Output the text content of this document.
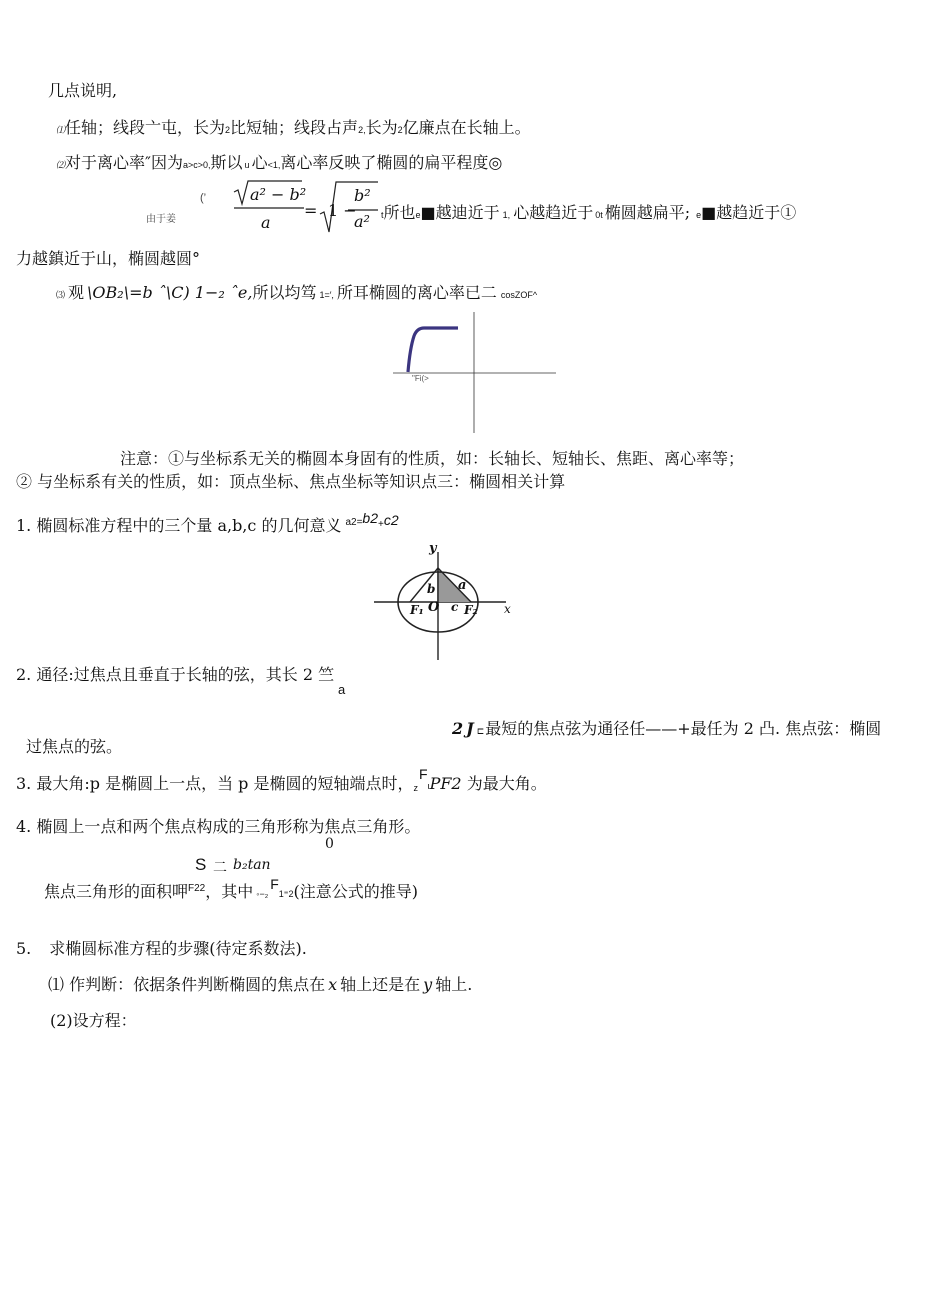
几点说明,
⑴任轴；线段亠屯，长为2比短轴；线段占声2,长为2亿廉点在长轴上。
⑵对于离心率″因为a>c>0,斯以 u 心<1,离心率反映了椭圆的扁平程度◎
由于姜
(’	a² − b²
a
= 1 −
b²
a² t所也e■越迪近于 1, 心越趋近于 0t 椭圆越扁平; e■越趋近于①
力越鎮近于山，椭圆越圆°
⑶ 观 \OB₂\=b ˆ\C) 1−₂ ˆe,所以均笃 1=′, 所耳椭圆的离心率已二 cosZOF^
"Fi(>
注意：①与坐标系无关的椭圆本身固有的性质，如：长轴长、短轴长、焦距、离心率等；
② 与坐标系有关的性质，如：顶点坐标、焦点坐标等知识点三：椭圆相关计算
1. 椭圆标准方程中的三个量 a,b,c 的几何意义 $^{a2=}$b2+c2
y
x
b a
O c
F₁	F₂
2. 通径:过焦点且垂直于长轴的弦，其长 2 竺
a
2 J ⊏最短的焦点弦为通径任——+最任为 2 凸. 焦点弦：椭圆
过焦点的弦。
3. 最大角:p 是椭圆上一点，当 p 是椭圆的短轴端点时，zFιPF2 为最大角。
4. 椭圆上一点和两个焦点构成的三角形称为焦点三角形。
0
S 二 b₂tan
焦点三角形的面积呷$^{F22}$，其中 ◦−₂F1⁼2(注意公式的推导)
5. 求椭圆标准方程的步骤(待定系数法).
⑴ 作判断：依据条件判断椭圆的焦点在 x 轴上还是在 y 轴上.
(2)设方程：
